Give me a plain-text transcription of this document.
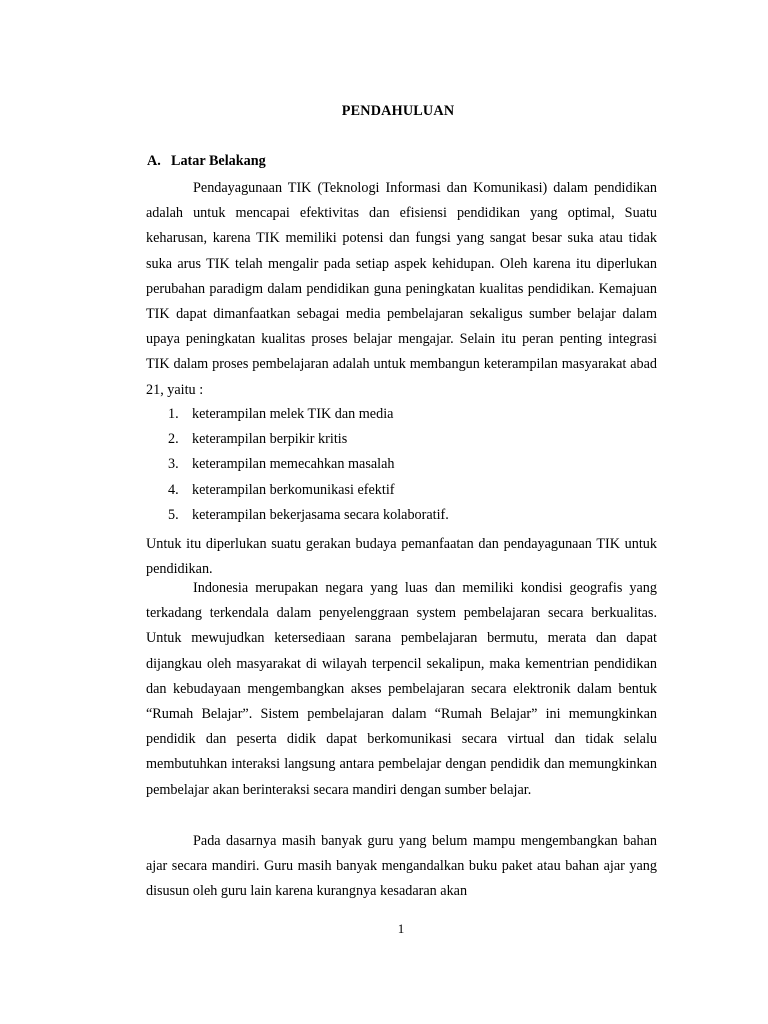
PENDAHULUAN
A. Latar Belakang

Pendayagunaan TIK (Teknologi Informasi dan Komunikasi) dalam pendidikan adalah untuk mencapai efektivitas dan efisiensi pendidikan yang optimal, Suatu keharusan, karena TIK memiliki potensi dan fungsi yang sangat besar suka atau tidak suka arus TIK telah mengalir pada setiap aspek kehidupan. Oleh karena itu diperlukan perubahan paradigm dalam pendidikan guna peningkatan kualitas pendidikan. Kemajuan TIK dapat dimanfaatkan sebagai media pembelajaran sekaligus sumber belajar dalam upaya peningkatan kualitas proses belajar mengajar. Selain itu peran penting integrasi TIK dalam proses pembelajaran adalah untuk membangun keterampilan masyarakat abad 21, yaitu :

1. keterampilan melek TIK dan media
2. keterampilan berpikir kritis
3. keterampilan memecahkan masalah
4. keterampilan berkomunikasi efektif
5. keterampilan bekerjasama secara kolaboratif.

Untuk itu diperlukan suatu gerakan budaya pemanfaatan dan pendayagunaan TIK untuk pendidikan.

Indonesia merupakan negara yang luas dan memiliki kondisi geografis yang terkadang terkendala dalam penyelenggraan system pembelajaran secara berkualitas. Untuk mewujudkan ketersediaan sarana pembelajaran bermutu, merata dan dapat dijangkau oleh masyarakat di wilayah terpencil sekalipun, maka kementrian pendidikan dan kebudayaan mengembangkan akses pembelajaran secara elektronik dalam bentuk “Rumah Belajar”. Sistem pembelajaran dalam “Rumah Belajar” ini memungkinkan pendidik dan peserta didik dapat berkomunikasi secara virtual dan tidak selalu membutuhkan interaksi langsung antara pembelajar dengan pendidik dan memungkinkan pembelajar akan berinteraksi secara mandiri dengan sumber belajar.

Pada dasarnya masih banyak guru yang belum mampu mengembangkan bahan ajar secara mandiri. Guru masih banyak mengandalkan buku paket atau bahan ajar yang disusun oleh guru lain karena kurangnya kesadaran akan

1
